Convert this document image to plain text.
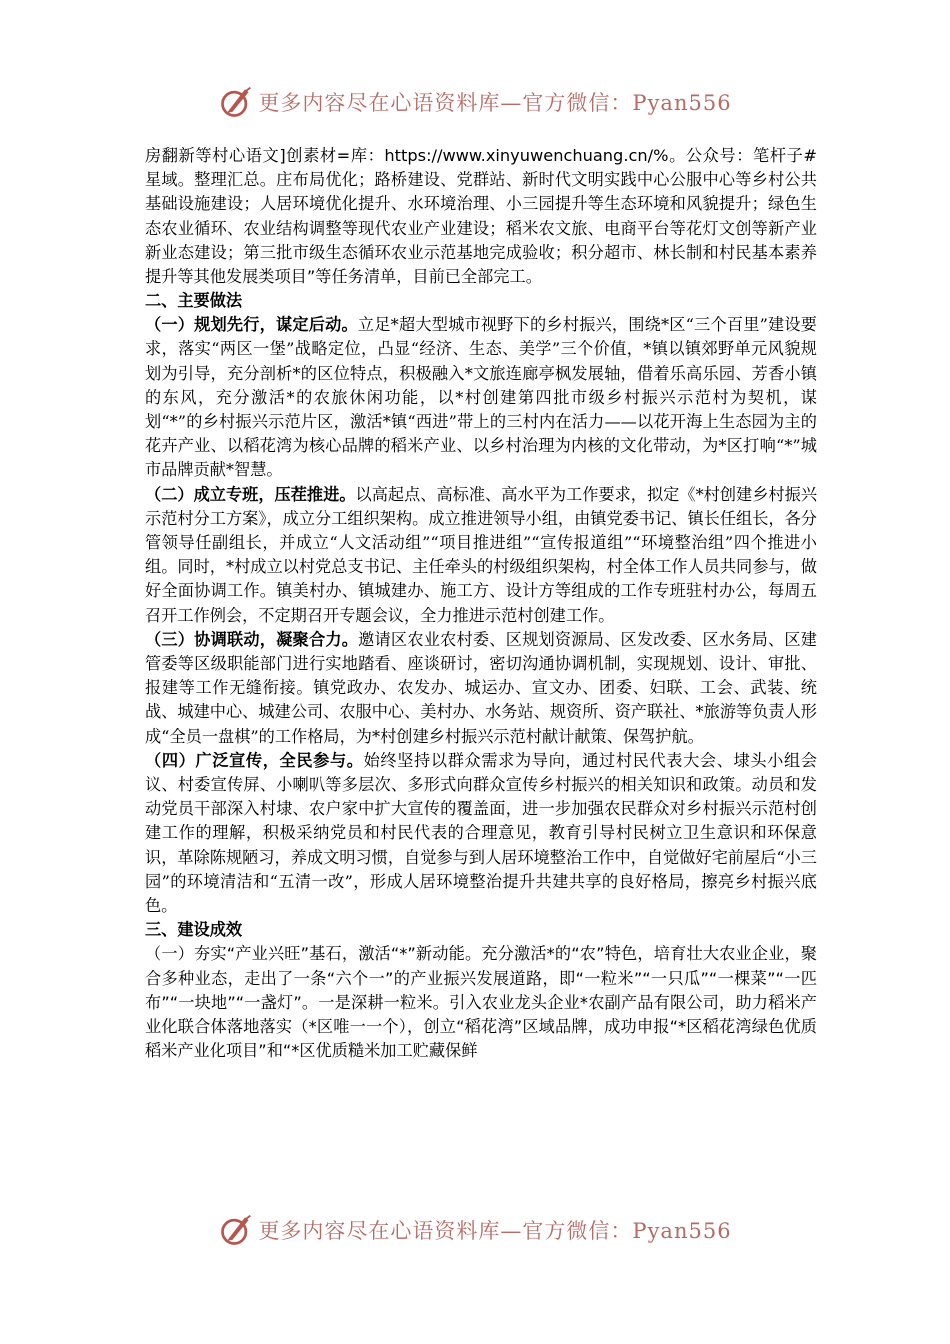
更多内容尽在心语资料库—官方微信：Pyan556

房翻新等村心语文]创素材=库：https://www.xinyuwenchuang.cn/%。公众号：笔杆子#星域。整理汇总。庄布局优化；路桥建设、党群站、新时代文明实践中心公服中心等乡村公共基础设施建设；人居环境优化提升、水环境治理、小三园提升等生态环境和风貌提升；绿色生态农业循环、农业结构调整等现代农业产业建设；稻米农文旅、电商平台等花灯文创等新产业新业态建设；第三批市级生态循环农业示范基地完成验收；积分超市、林长制和村民基本素养提升等其他发展类项目”等任务清单，目前已全部完工。

二、主要做法

（一）规划先行，谋定后动。立足*超大型城市视野下的乡村振兴，围绕*区“三个百里”建设要求，落实“两区一堡”战略定位，凸显“经济、生态、美学”三个价值，*镇以镇郊野单元风貌规划为引导，充分剖析*的区位特点，积极融入*文旅连廊亭枫发展轴，借着乐高乐园、芳香小镇的东风，充分激活*的农旅休闲功能，以*村创建第四批市级乡村振兴示范村为契机，谋划“*”的乡村振兴示范片区，激活*镇“西进”带上的三村内在活力——以花开海上生态园为主的花卉产业、以稻花湾为核心品牌的稻米产业、以乡村治理为内核的文化带动，为*区打响“*”城市品牌贡献*智慧。

（二）成立专班，压茬推进。以高起点、高标准、高水平为工作要求，拟定《*村创建乡村振兴示范村分工方案》，成立分工组织架构。成立推进领导小组，由镇党委书记、镇长任组长，各分管领导任副组长，并成立“人文活动组”“项目推进组”“宣传报道组”“环境整治组”四个推进小组。同时，*村成立以村党总支书记、主任牵头的村级组织架构，村全体工作人员共同参与，做好全面协调工作。镇美村办、镇城建办、施工方、设计方等组成的工作专班驻村办公，每周五召开工作例会，不定期召开专题会议，全力推进示范村创建工作。

（三）协调联动，凝聚合力。邀请区农业农村委、区规划资源局、区发改委、区水务局、区建管委等区级职能部门进行实地踏看、座谈研讨，密切沟通协调机制，实现规划、设计、审批、报建等工作无缝衔接。镇党政办、农发办、城运办、宣文办、团委、妇联、工会、武装、统战、城建中心、城建公司、农服中心、美村办、水务站、规资所、资产联社、*旅游等负责人形成“全员一盘棋”的工作格局，为*村创建乡村振兴示范村献计献策、保驾护航。

（四）广泛宣传，全民参与。始终坚持以群众需求为导向，通过村民代表大会、埭头小组会议、村委宣传屏、小喇叭等多层次、多形式向群众宣传乡村振兴的相关知识和政策。动员和发动党员干部深入村埭、农户家中扩大宣传的覆盖面，进一步加强农民群众对乡村振兴示范村创建工作的理解，积极采纳党员和村民代表的合理意见，教育引导村民树立卫生意识和环保意识，革除陈规陋习，养成文明习惯，自觉参与到人居环境整治工作中，自觉做好宅前屋后“小三园”的环境清洁和“五清一改”，形成人居环境整治提升共建共享的良好格局，擦亮乡村振兴底色。

三、建设成效

（一）夯实“产业兴旺”基石，激活“*”新动能。充分激活*的“农”特色，培育壮大农业企业，聚合多种业态，走出了一条“六个一”的产业振兴发展道路，即“一粒米”“一只瓜”“一棵菜”“一匹布”“一块地”“一盏灯”。一是深耕一粒米。引入农业龙头企业*农副产品有限公司，助力稻米产业化联合体落地落实（*区唯一一个），创立“稻花湾”区域品牌，成功申报“*区稻花湾绿色优质稻米产业化项目”和“*区优质糙米加工贮藏保鲜

更多内容尽在心语资料库—官方微信：Pyan556
